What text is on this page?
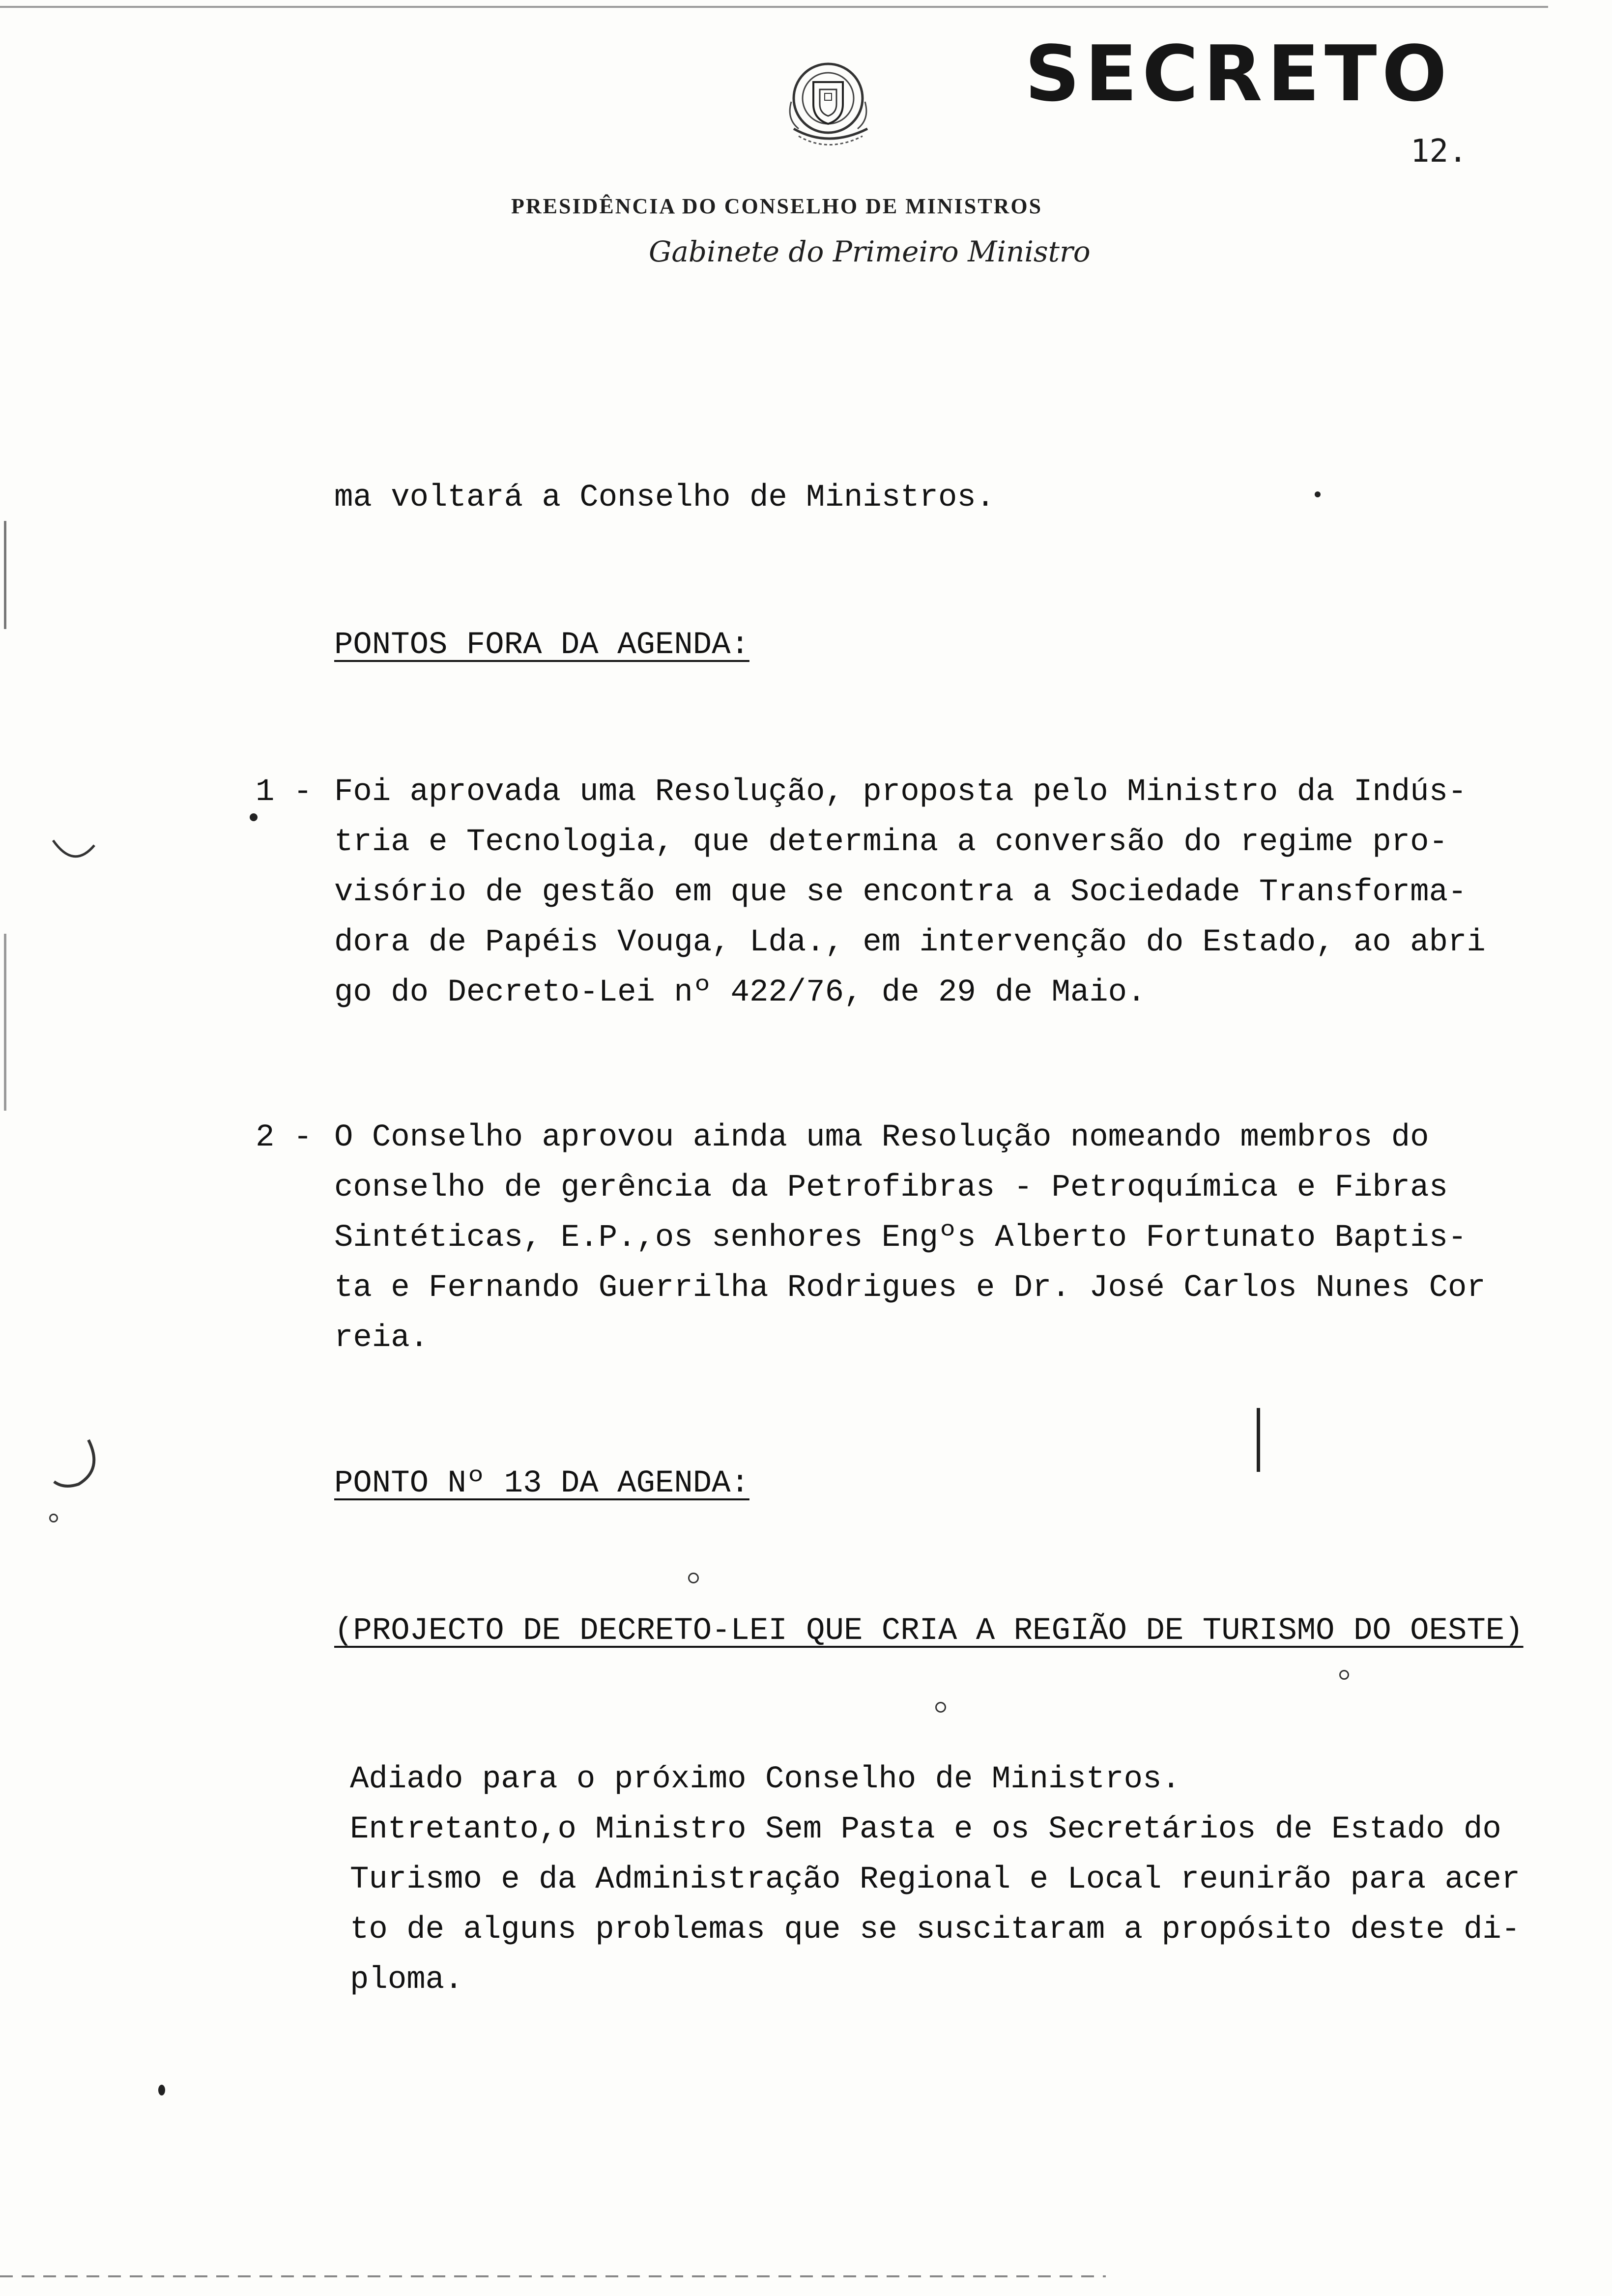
SECRETO
12.
PRESIDÊNCIA DO CONSELHO DE MINISTROS
Gabinete do Primeiro Ministro
ma voltará a Conselho de Ministros.
PONTOS FORA DA AGENDA:
1 - Foi aprovada uma Resolução, proposta pelo Ministro da Indús-
tria e Tecnologia, que determina a conversão do regime pro-
visório de gestão em que se encontra a Sociedade Transforma-
dora de Papéis Vouga, Lda., em intervenção do Estado, ao abri
go do Decreto-Lei nº 422/76, de 29 de Maio.
2 - O Conselho aprovou ainda uma Resolução nomeando membros do
conselho de gerência da Petrofibras - Petroquímica e Fibras
Sintéticas, E.P.,os senhores Engºs Alberto Fortunato Baptis-
ta e Fernando Guerrilha Rodrigues e Dr. José Carlos Nunes Cor
reia.
PONTO Nº 13 DA AGENDA:
(PROJECTO DE DECRETO-LEI QUE CRIA A REGIÃO DE TURISMO DO OESTE)
Adiado para o próximo Conselho de Ministros.
Entretanto,o Ministro Sem Pasta e os Secretários de Estado do
Turismo e da Administração Regional e Local reunirão para acer
to de alguns problemas que se suscitaram a propósito deste di-
ploma.
